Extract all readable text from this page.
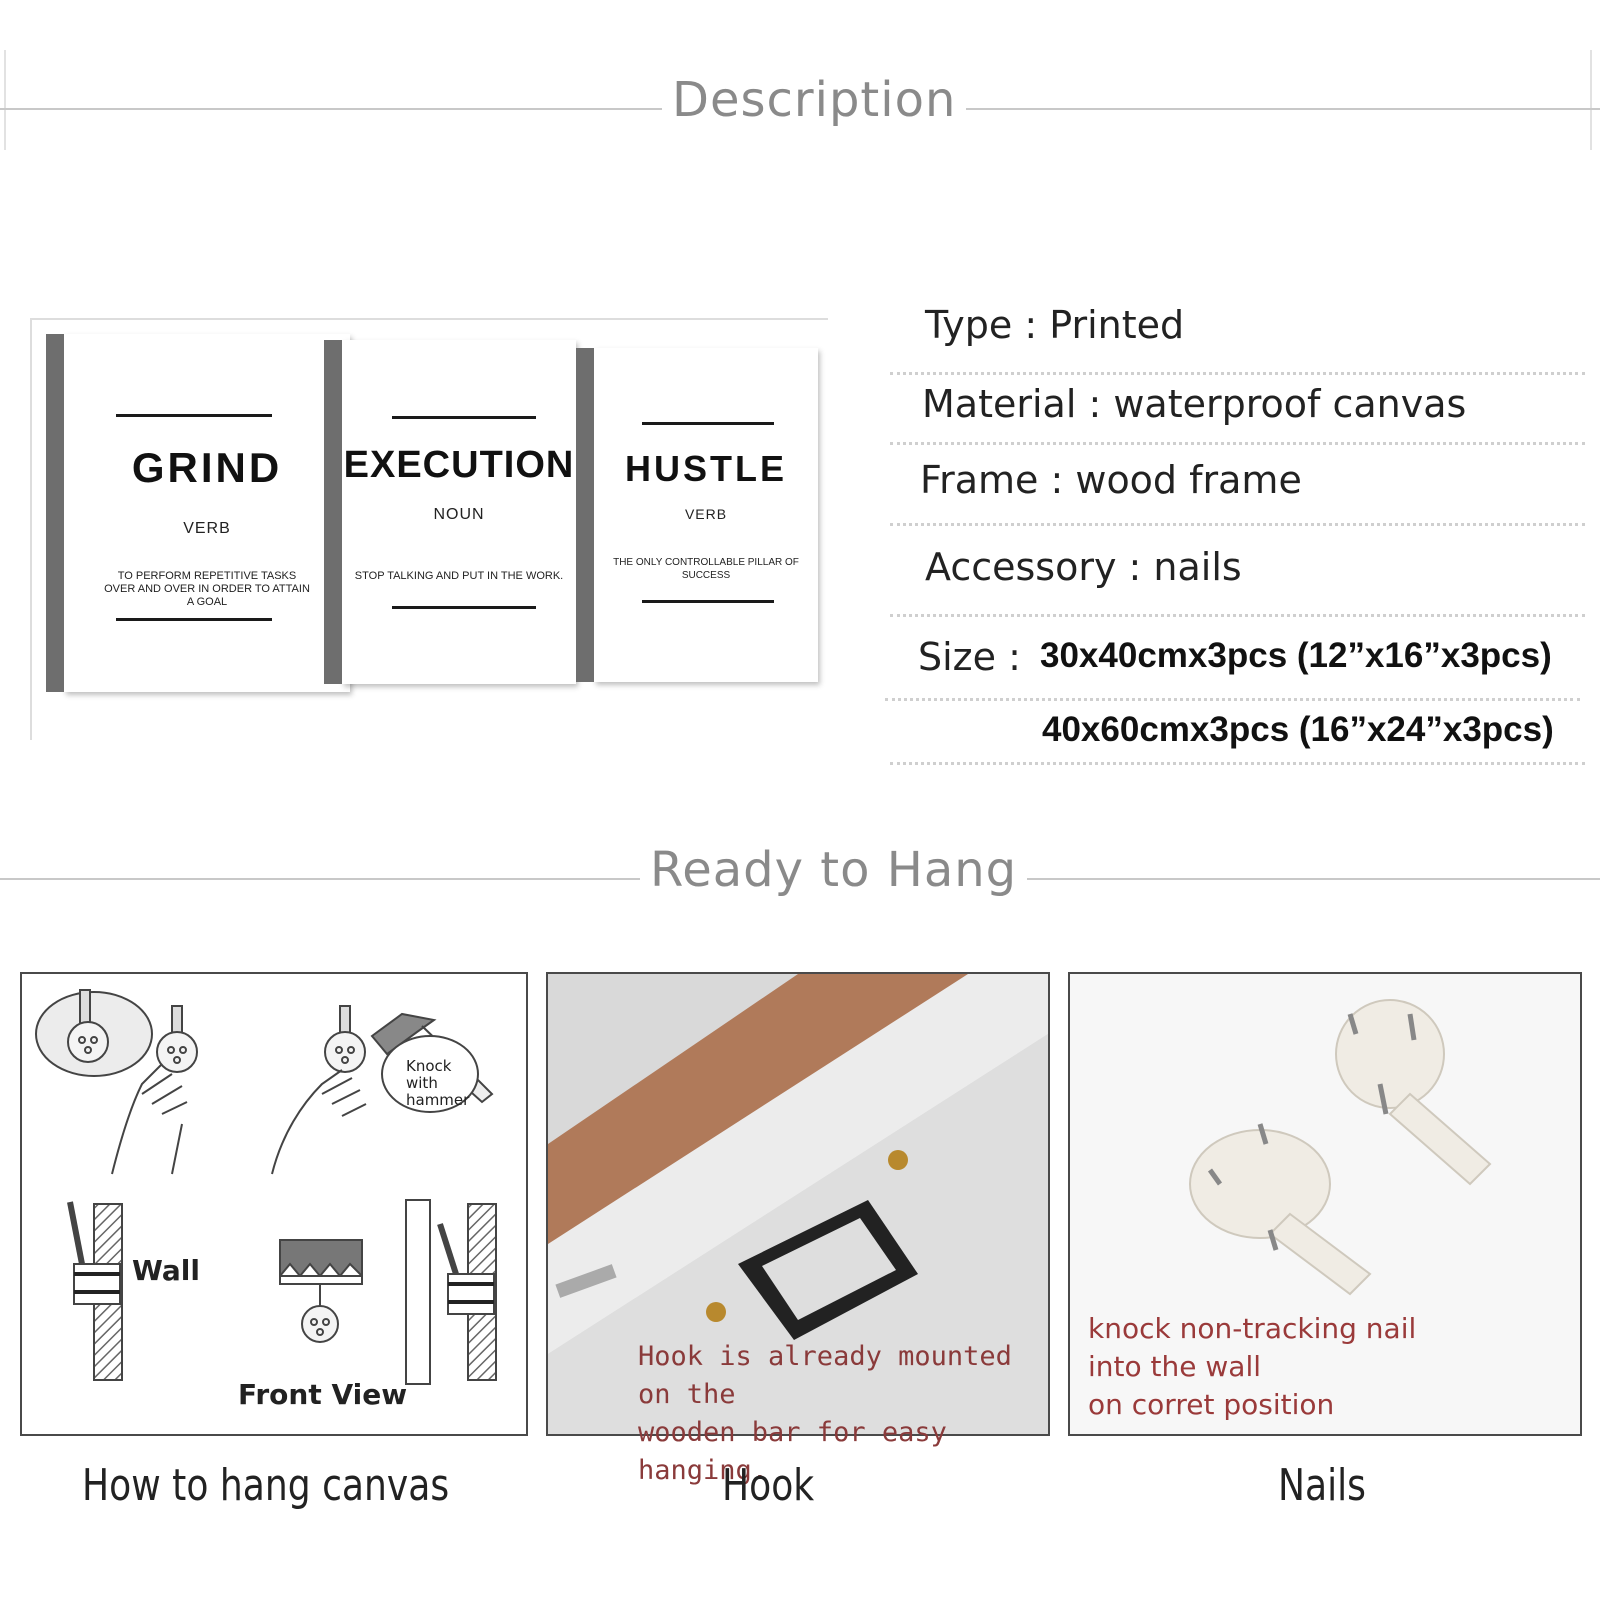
Description
GRIND
VERB
TO PERFORM REPETITIVE TASKS OVER AND OVER IN ORDER TO ATTAIN A GOAL
EXECUTION
NOUN
STOP TALKING AND PUT IN THE WORK.
HUSTLE
VERB
THE ONLY CONTROLLABLE PILLAR OF SUCCESS
Type : Printed
Material : waterproof canvas
Frame : wood frame
Accessory : nails
Size : 30x40cmx3pcs (12”x16”x3pcs)
40x60cmx3pcs (16”x24”x3pcs)
Ready to Hang
Knock
with
hammer
Wall
Front View
How to hang canvas
Hook is already mounted on the
wooden bar for easy hanging.
Hook
knock non-tracking nail
into the wall
on corret position
Nails
